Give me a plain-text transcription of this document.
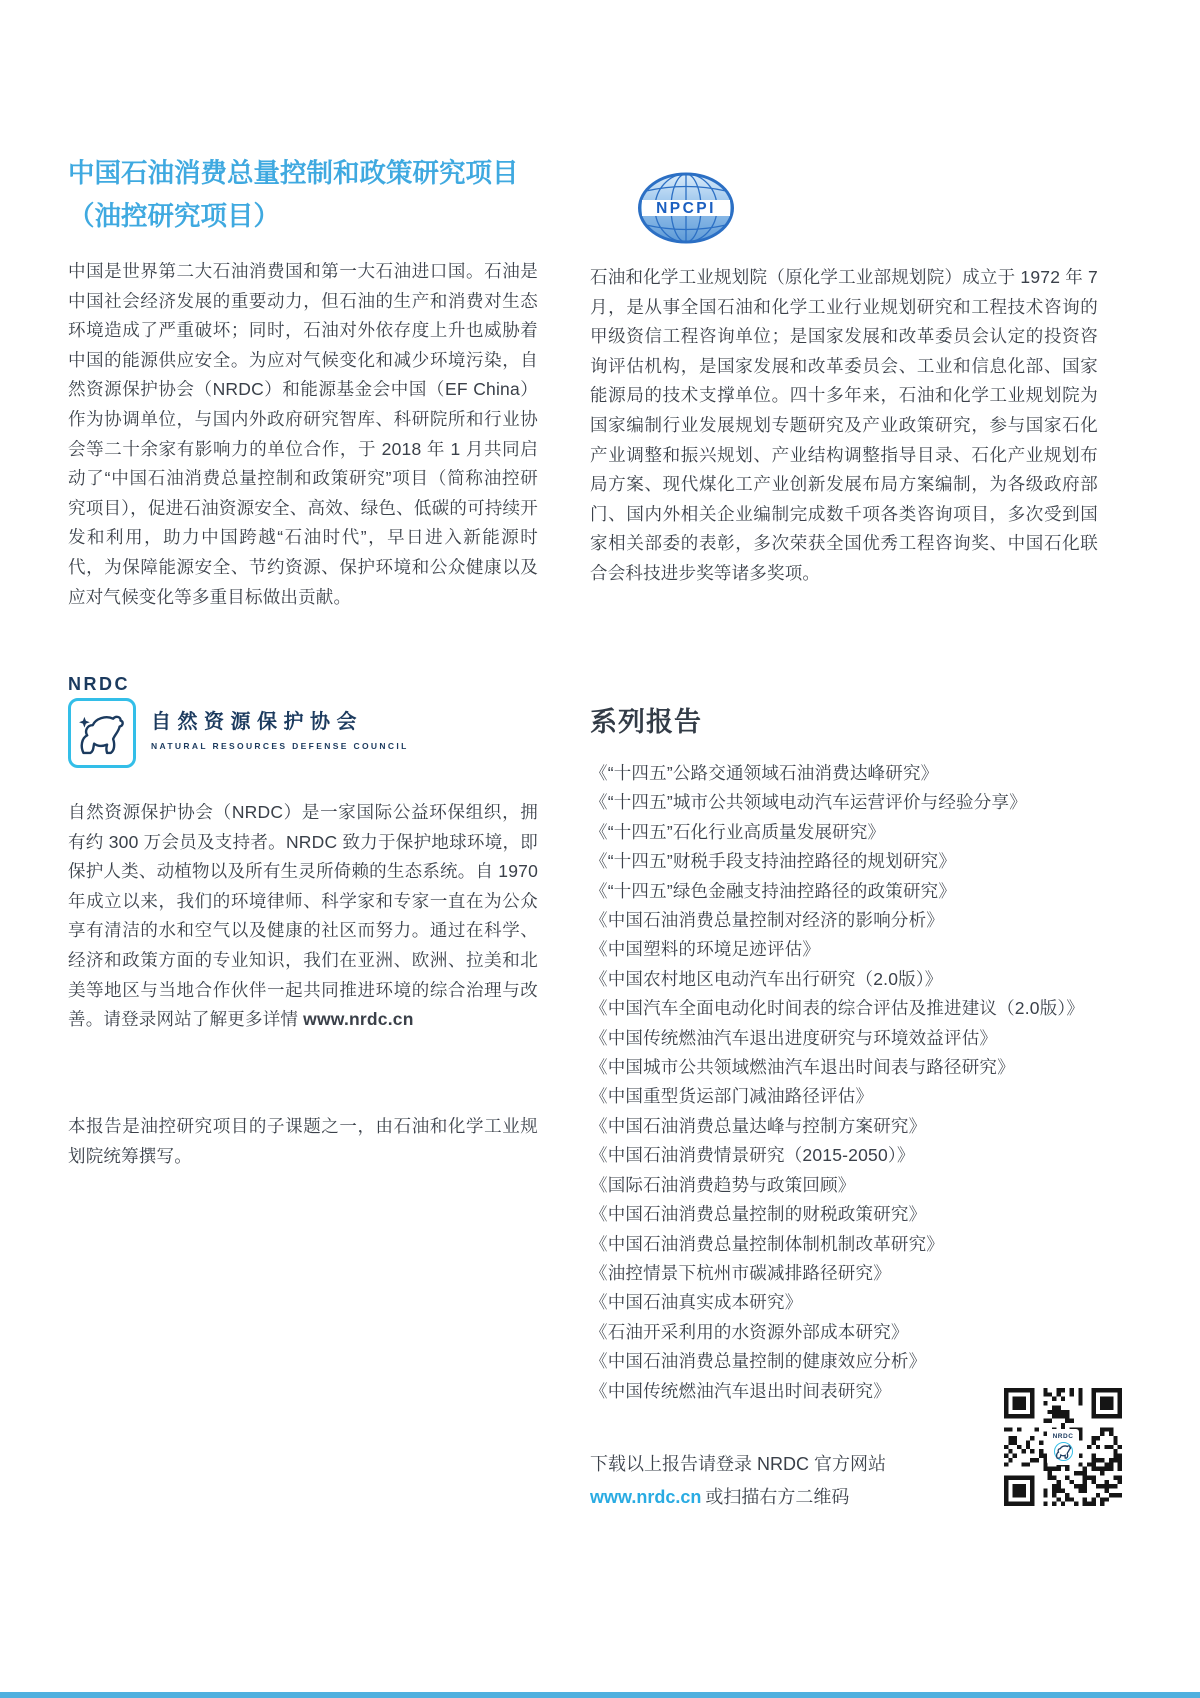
中国石油消费总量控制和政策研究项目
（油控研究项目）

中国是世界第二大石油消费国和第一大石油进口国。石油是中国社会经济发展的重要动力，但石油的生产和消费对生态环境造成了严重破坏；同时，石油对外依存度上升也威胁着中国的能源供应安全。为应对气候变化和减少环境污染，自然资源保护协会（NRDC）和能源基金会中国（EF China）作为协调单位，与国内外政府研究智库、科研院所和行业协会等二十余家有影响力的单位合作，于 2018 年 1 月共同启动了“中国石油消费总量控制和政策研究”项目（简称油控研究项目），促进石油资源安全、高效、绿色、低碳的可持续开发和利用，助力中国跨越“石油时代”，早日进入新能源时代，为保障能源安全、节约资源、保护环境和公众健康以及应对气候变化等多重目标做出贡献。

NRDC
自然资源保护协会
NATURAL RESOURCES DEFENSE COUNCIL

自然资源保护协会（NRDC）是一家国际公益环保组织，拥有约 300 万会员及支持者。NRDC 致力于保护地球环境，即保护人类、动植物以及所有生灵所倚赖的生态系统。自 1970 年成立以来，我们的环境律师、科学家和专家一直在为公众享有清洁的水和空气以及健康的社区而努力。通过在科学、经济和政策方面的专业知识，我们在亚洲、欧洲、拉美和北美等地区与当地合作伙伴一起共同推进环境的综合治理与改善。请登录网站了解更多详情 www.nrdc.cn

本报告是油控研究项目的子课题之一，由石油和化学工业规划院统筹撰写。

NPCPI

石油和化学工业规划院（原化学工业部规划院）成立于 1972 年 7 月，是从事全国石油和化学工业行业规划研究和工程技术咨询的甲级资信工程咨询单位；是国家发展和改革委员会认定的投资咨询评估机构，是国家发展和改革委员会、工业和信息化部、国家能源局的技术支撑单位。四十多年来，石油和化学工业规划院为国家编制行业发展规划专题研究及产业政策研究，参与国家石化产业调整和振兴规划、产业结构调整指导目录、石化产业规划布局方案、现代煤化工产业创新发展布局方案编制，为各级政府部门、国内外相关企业编制完成数千项各类咨询项目，多次受到国家相关部委的表彰，多次荣获全国优秀工程咨询奖、中国石化联合会科技进步奖等诸多奖项。

系列报告
《“十四五”公路交通领域石油消费达峰研究》
《“十四五”城市公共领域电动汽车运营评价与经验分享》
《“十四五”石化行业高质量发展研究》
《“十四五”财税手段支持油控路径的规划研究》
《“十四五”绿色金融支持油控路径的政策研究》
《中国石油消费总量控制对经济的影响分析》
《中国塑料的环境足迹评估》
《中国农村地区电动汽车出行研究（2.0版）》
《中国汽车全面电动化时间表的综合评估及推进建议（2.0版）》
《中国传统燃油汽车退出进度研究与环境效益评估》
《中国城市公共领域燃油汽车退出时间表与路径研究》
《中国重型货运部门减油路径评估》
《中国石油消费总量达峰与控制方案研究》
《中国石油消费情景研究（2015-2050）》
《国际石油消费趋势与政策回顾》
《中国石油消费总量控制的财税政策研究》
《中国石油消费总量控制体制机制改革研究》
《油控情景下杭州市碳减排路径研究》
《中国石油真实成本研究》
《石油开采利用的水资源外部成本研究》
《中国石油消费总量控制的健康效应分析》
《中国传统燃油汽车退出时间表研究》
下载以上报告请登录 NRDC 官方网站
www.nrdc.cn 或扫描右方二维码
NRDC
